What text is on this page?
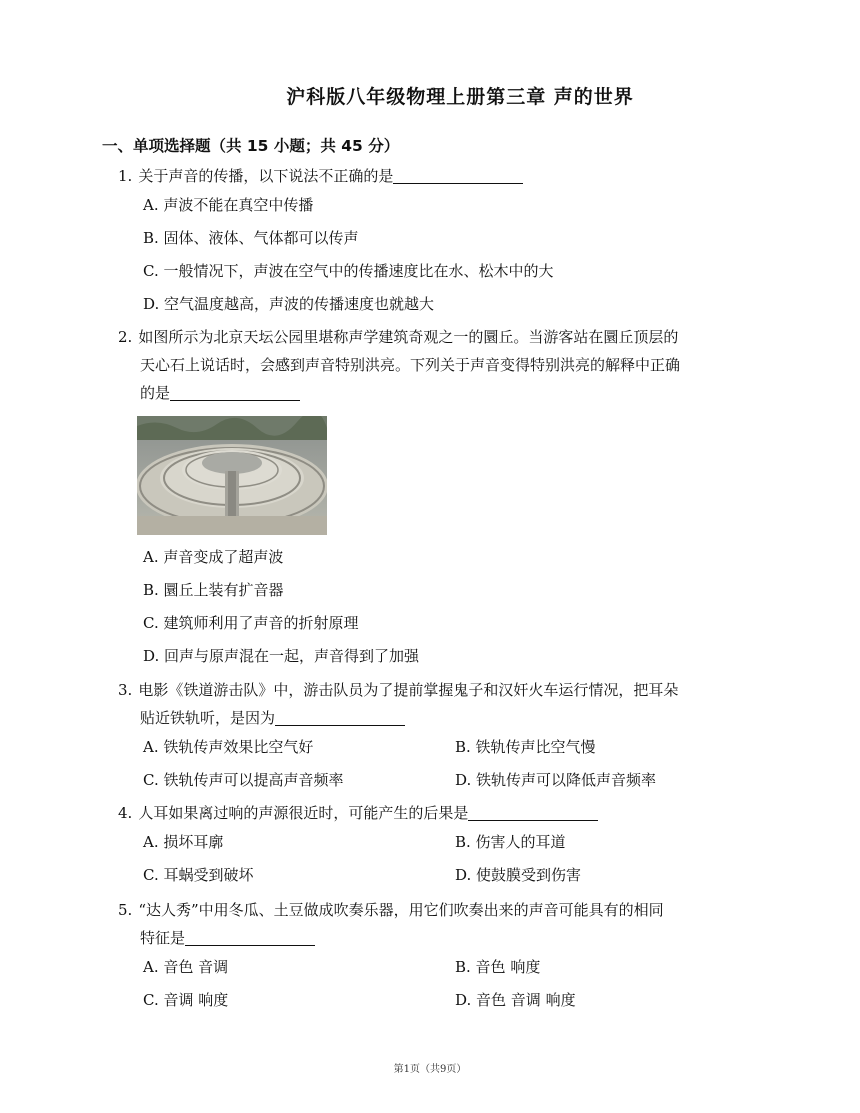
沪科版八年级物理上册第三章 声的世界
一、单项选择题（共 15 小题；共 45 分）
1. 关于声音的传播，以下说法不正确的是
A. 声波不能在真空中传播
B. 固体、液体、气体都可以传声
C. 一般情况下，声波在空气中的传播速度比在水、松木中的大
D. 空气温度越高，声波的传播速度也就越大
2. 如图所示为北京天坛公园里堪称声学建筑奇观之一的圜丘。当游客站在圜丘顶层的
天心石上说话时，会感到声音特别洪亮。下列关于声音变得特别洪亮的解释中正确
的是
A. 声音变成了超声波
B. 圜丘上装有扩音器
C. 建筑师利用了声音的折射原理
D. 回声与原声混在一起，声音得到了加强
3. 电影《铁道游击队》中，游击队员为了提前掌握鬼子和汉奸火车运行情况，把耳朵
贴近铁轨听，是因为
A. 铁轨传声效果比空气好	B. 铁轨传声比空气慢
C. 铁轨传声可以提高声音频率	D. 铁轨传声可以降低声音频率
4. 人耳如果离过响的声源很近时，可能产生的后果是
A. 损坏耳廓	B. 伤害人的耳道
C. 耳蜗受到破坏	D. 使鼓膜受到伤害
5. “达人秀”中用冬瓜、土豆做成吹奏乐器，用它们吹奏出来的声音可能具有的相同
特征是
A. 音色 音调	B. 音色 响度
C. 音调 响度	D. 音色 音调 响度
第1页（共9页）
